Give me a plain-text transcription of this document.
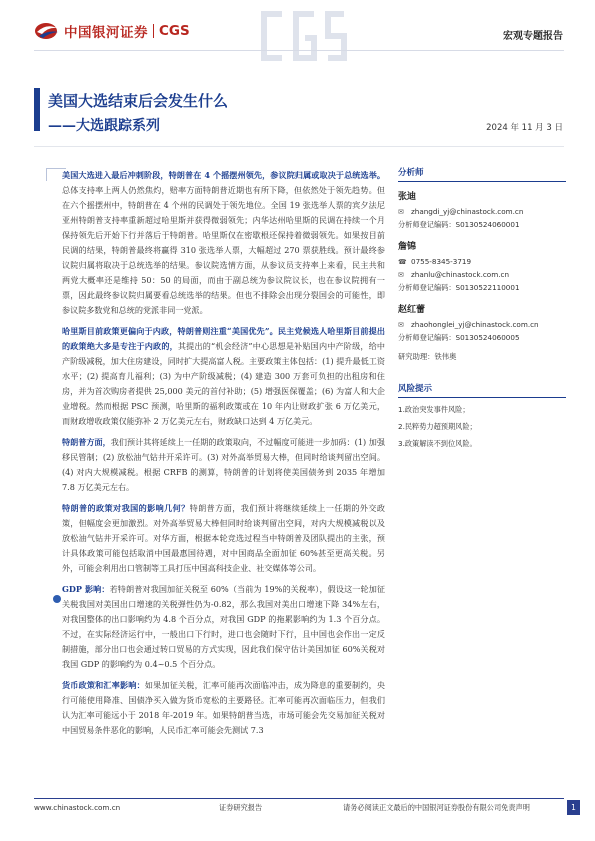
中国银河证券 CGS	宏观专题报告
美国大选结束后会发生什么
——大选跟踪系列	2024 年 11 月 3 日

美国大选进入最后冲刺阶段，特朗普在 4 个摇摆州领先，参议院归属或取决于总统选举。总体支持率上两人仍然焦灼，赔率方面特朗普近期也有所下降，但依然处于领先趋势。但在六个摇摆州中，特朗普在 4 个州的民调处于领先地位。全国 19 张选举人票的宾夕法尼亚州特朗普支持率重新超过哈里斯并获得微弱领先；内华达州哈里斯的民调在持续一个月保持领先后开始下行并落后于特朗普。哈里斯仅在密歇根还保持着微弱领先。如果按目前民调的结果，特朗普最终将赢得 310 张选举人票，大幅超过 270 票获胜线。预计最终参议院归属将取决于总统选举的结果。参议院选情方面，从参议员支持率上来看，民主共和两党大概率还是维持 50：50 的局面，而由于副总统为参议院议长，也在参议院拥有一票，因此最终参议院归属要看总统选举的结果。但也不排除会出现分裂国会的可能性，即参议院多数党和总统的党派非同一党派。

哈里斯目前政策更偏向于内政，特朗普则注重“美国优先”。民主党候选人哈里斯目前提出的政策绝大多是专注于内政的，其提出的“机会经济”中心思想是补贴国内中产阶级，给中产阶级减税，加大住房建设，同时扩大提高富人税。主要政策主体包括：(1) 提升最低工资水平；(2) 提高育儿福利；(3) 为中产阶级减税；(4) 建造 300 万套可负担的出租房和住房，并为首次购房者提供 25,000 美元的首付补助；(5) 增强医保覆盖；(6) 为富人和大企业增税。然而根据 PSC 预测，哈里斯的福利政策或在 10 年内让财政扩张 6 万亿美元，而财政增收政策仅能弥补 2 万亿美元左右，财政缺口达到 4 万亿美元。

特朗普方面，我们预计其将延续上一任期的政策取向，不过幅度可能进一步加码：(1) 加强移民管制；(2) 放松油气钻井开采许可。(3) 对外高举贸易大棒，但同时给谈判留出空间。(4) 对内大规模减税。根据 CRFB 的测算，特朗普的计划将使美国债务到 2035 年增加 7.8 万亿美元左右。

特朗普的政策对我国的影响几何？特朗普方面，我们预计将继续延续上一任期的外交政策，但幅度会更加激烈。对外高举贸易大棒但同时给谈判留出空间，对内大规模减税以及放松油气钻井开采许可。对华方面，根据本轮竞选过程当中特朗普及团队提出的主张，预计具体政策可能包括取消中国最惠国待遇，对中国商品全面加征 60%甚至更高关税。另外，可能会利用出口管制等工具打压中国高科技企业、社交媒体等公司。

GDP 影响：若特朗普对我国加征关税至 60%（当前为 19%的关税率），假设这一轮加征关税我国对美国出口增速的关税弹性仍为-0.82，那么我国对美出口增速下降 34%左右，对我国整体的出口影响约为 4.8 个百分点，对我国 GDP 的拖累影响约为 1.3 个百分点。不过，在实际经济运行中，一般出口下行时，进口也会随时下行，且中国也会作出一定反制措施，部分出口也会通过转口贸易的方式实现，因此我们保守估计美国加征 60%关税对我国 GDP 的影响约为 0.4~0.5 个百分点。

货币政策和汇率影响：如果加征关税，汇率可能再次面临冲击，成为降息的重要制约，央行可能使用降准、国债净买入做为货币宽松的主要路径。汇率可能再次面临压力，但我们认为汇率可能远小于 2018 年-2019 年。如果特朗普当选，市场可能会先交易加征关税对中国贸易条件恶化的影响，人民币汇率可能会先测试 7.3

分析师
张迪
✉ zhangdi_yj@chinastock.com.cn
分析师登记编码：S0130524060001
詹锦
☎ 0755-8345-3719
✉ zhanlu@chinastock.com.cn
分析师登记编码：S0130522110001
赵红蕾
✉ zhaohonglei_yj@chinastock.com.cn
分析师登记编码：S0130524060005
研究助理：铁伟奥
风险提示
1.政治突发事件风险；
2.民粹势力超预期风险；
3.政策解读不到位风险。
www.chinastock.com.cn	证券研究报告	请务必阅读正文最后的中国银河证券股份有限公司免责声明	1
